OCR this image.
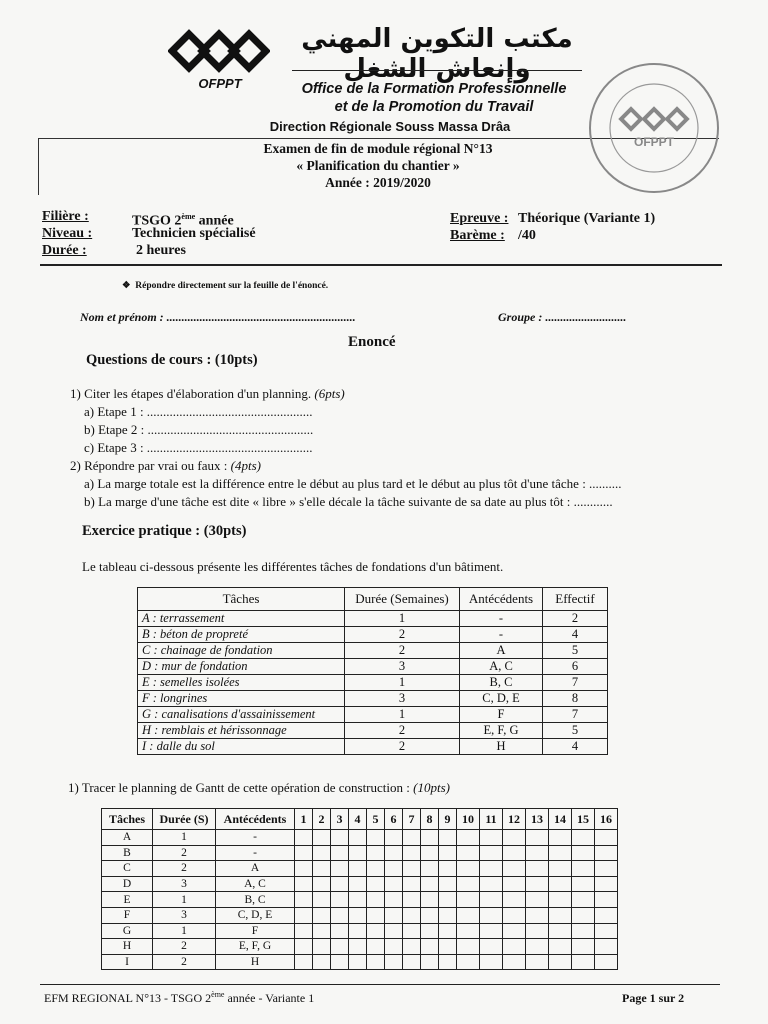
OFPPT
مكتب التكوين المهني وإنعاش الشغل
Office de la Formation Professionnelle
et de la Promotion du Travail
Direction Régionale Souss Massa Drâa
Examen de fin de module régional N°13
« Planification du chantier »
Année : 2019/2020
OFPPT
Filière :	TSGO 2ème année
Niveau :	Technicien spécialisé
Durée :	2 heures
Epreuve : Théorique (Variante 1)
Barème : /40
❖  Répondre directement sur la feuille de l'énoncé.
Nom et prénom : ...............................................................	Groupe : ...........................
Enoncé
Questions de cours : (10pts)
1) Citer les étapes d'élaboration d'un planning. (6pts)
a) Etape 1 : ...................................................
b) Etape 2 : ...................................................
c) Etape 3 : ...................................................
2) Répondre par vrai ou faux : (4pts)
a) La marge totale est la différence entre le début au plus tard et le début au plus tôt d'une tâche : ..........
b) La marge d'une tâche est dite « libre » s'elle décale la tâche suivante de sa date au plus tôt : ............
Exercice pratique : (30pts)
Le tableau ci-dessous présente les différentes tâches de fondations d'un bâtiment.
Tâches	Durée (Semaines)	Antécédents	Effectif
A : terrassement	1	-	2
B : béton de propreté	2	-	4
C : chainage de fondation	2	A	5
D : mur de fondation	3	A, C	6
E : semelles isolées	1	B, C	7
F : longrines	3	C, D, E	8
G : canalisations d'assainissement	1	F	7
H : remblais et hérissonnage	2	E, F, G	5
I : dalle du sol	2	H	4
1) Tracer le planning de Gantt de cette opération de construction : (10pts)
Tâches	Durée (S)	Antécédents	1	2	3	4	5	6	7	8	9	10	11	12	13	14	15	16
A	1	-																
B	2	-																
C	2	A																
D	3	A, C																
E	1	B, C																
F	3	C, D, E																
G	1	F																
H	2	E, F, G																
I	2	H																
EFM REGIONAL N°13 - TSGO 2ème année - Variante 1	Page 1 sur 2
